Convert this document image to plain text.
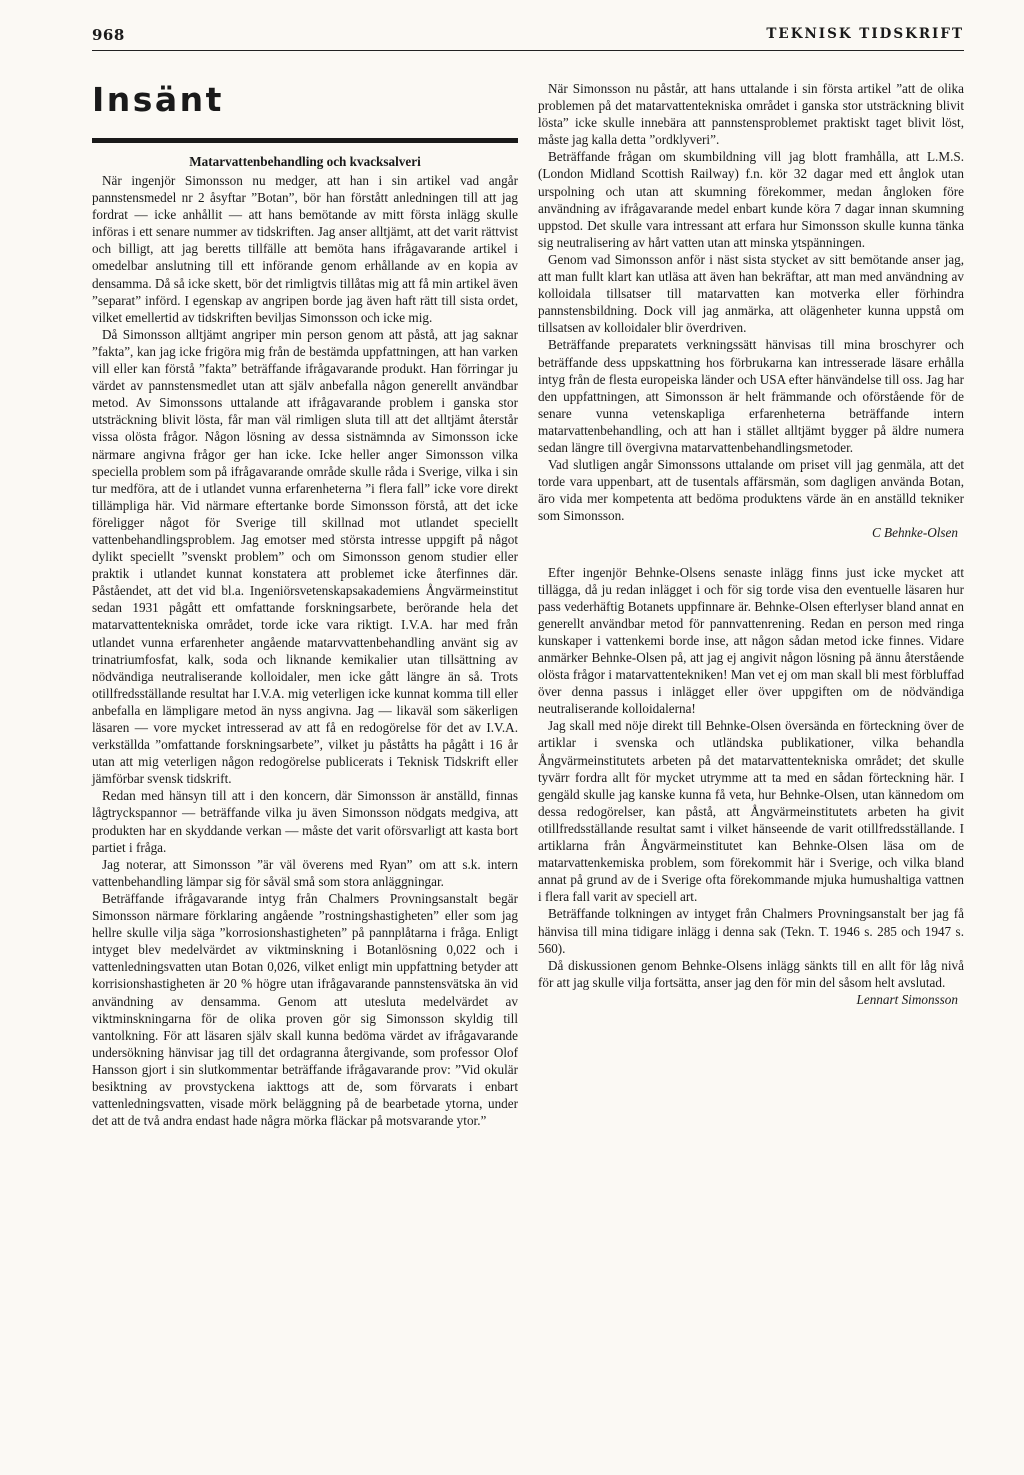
968	TEKNISK TIDSKRIFT
Insänt
Matarvattenbehandling och kvacksalveri

När ingenjör Simonsson nu medger, att han i sin artikel vad angår pannstensmedel nr 2 åsyftar ”Botan”, bör han förstått anledningen till att jag fordrat — icke anhållit — att hans bemötande av mitt första inlägg skulle införas i ett senare nummer av tidskriften. Jag anser alltjämt, att det varit rättvist och billigt, att jag beretts tillfälle att bemöta hans ifrågavarande artikel i omedelbar anslutning till ett införande genom erhållande av en kopia av densamma. Då så icke skett, bör det rimligtvis tillåtas mig att få min artikel även ”separat” införd. I egenskap av angripen borde jag även haft rätt till sista ordet, vilket emellertid av tidskriften beviljas Simonsson och icke mig.

Då Simonsson alltjämt angriper min person genom att påstå, att jag saknar ”fakta”, kan jag icke frigöra mig från de bestämda uppfattningen, att han varken vill eller kan förstå ”fakta” beträffande ifrågavarande produkt. Han förringar ju värdet av pannstensmedlet utan att själv anbefalla någon generellt användbar metod. Av Simonssons uttalande att ifrågavarande problem i ganska stor utsträckning blivit lösta, får man väl rimligen sluta till att det alltjämt återstår vissa olösta frågor. Någon lösning av dessa sistnämnda av Simonsson icke närmare angivna frågor ger han icke. Icke heller anger Simonsson vilka speciella problem som på ifrågavarande område skulle råda i Sverige, vilka i sin tur medföra, att de i utlandet vunna erfarenheterna ”i flera fall” icke vore direkt tillämpliga här. Vid närmare eftertanke borde Simonsson förstå, att det icke föreligger något för Sverige till skillnad mot utlandet speciellt vattenbehandlingsproblem. Jag emotser med största intresse uppgift på något dylikt speciellt ”svenskt problem” och om Simonsson genom studier eller praktik i utlandet kunnat konstatera att problemet icke återfinnes där. Påståendet, att det vid bl.a. Ingeniörsvetenskapsakademiens Ångvärmeinstitut sedan 1931 pågått ett omfattande forskningsarbete, berörande hela det matarvattentekniska området, torde icke vara riktigt. I.V.A. har med från utlandet vunna erfarenheter angående matarvvattenbehandling använt sig av trinatriumfosfat, kalk, soda och liknande kemikalier utan tillsättning av nödvändiga neutraliserande kolloidaler, men icke gått längre än så. Trots otillfredsställande resultat har I.V.A. mig veterligen icke kunnat komma till eller anbefalla en lämpligare metod än nyss angivna. Jag — likaväl som säkerligen läsaren — vore mycket intresserad av att få en redogörelse för det av I.V.A. verkställda ”omfattande forskningsarbete”, vilket ju påståtts ha pågått i 16 år utan att mig veterligen någon redogörelse publicerats i Teknisk Tidskrift eller jämförbar svensk tidskrift.

Redan med hänsyn till att i den koncern, där Simonsson är anställd, finnas lågtryckspannor — beträffande vilka ju även Simonsson nödgats medgiva, att produkten har en skyddande verkan — måste det varit oförsvarligt att kasta bort partiet i fråga.

Jag noterar, att Simonsson ”är väl överens med Ryan” om att s.k. intern vattenbehandling lämpar sig för såväl små som stora anläggningar.

Beträffande ifrågavarande intyg från Chalmers Provningsanstalt begär Simonsson närmare förklaring angående ”rostningshastigheten” eller som jag hellre skulle vilja säga ”korrosionshastigheten” på pannplåtarna i fråga. Enligt intyget blev medelvärdet av viktminskning i Botanlösning 0,022 och i vattenledningsvatten utan Botan 0,026, vilket enligt min uppfattning betyder att korrisionshastigheten är 20 % högre utan ifrågavarande pannstensvätska än vid användning av densamma. Genom att utesluta medelvärdet av viktminskningarna för de olika proven gör sig Simonsson skyldig till vantolkning. För att läsaren själv skall kunna bedöma värdet av ifrågavarande undersökning hänvisar jag till det ordagranna återgivande, som professor Olof Hansson gjort i sin slutkommentar beträffande ifrågavarande prov: ”Vid okulär besiktning av provstyckena iakttogs att de, som förvarats i enbart vattenledningsvatten, visade mörk beläggning på de bearbetade ytorna, under det att de två andra endast hade några mörka fläckar på motsvarande ytor.”

När Simonsson nu påstår, att hans uttalande i sin första artikel ”att de olika problemen på det matarvattentekniska området i ganska stor utsträckning blivit lösta” icke skulle innebära att pannstensproblemet praktiskt taget blivit löst, måste jag kalla detta ”ordklyveri”.

Beträffande frågan om skumbildning vill jag blott framhålla, att L.M.S. (London Midland Scottish Railway) f.n. kör 32 dagar med ett ånglok utan urspolning och utan att skumning förekommer, medan ångloken före användning av ifrågavarande medel enbart kunde köra 7 dagar innan skumning uppstod. Det skulle vara intressant att erfara hur Simonsson skulle kunna tänka sig neutralisering av hårt vatten utan att minska ytspänningen.

Genom vad Simonsson anför i näst sista stycket av sitt bemötande anser jag, att man fullt klart kan utläsa att även han bekräftar, att man med användning av kolloidala tillsatser till matarvatten kan motverka eller förhindra pannstensbildning. Dock vill jag anmärka, att olägenheter kunna uppstå om tillsatsen av kolloidaler blir överdriven.

Beträffande preparatets verkningssätt hänvisas till mina broschyrer och beträffande dess uppskattning hos förbrukarna kan intresserade läsare erhålla intyg från de flesta europeiska länder och USA efter hänvändelse till oss. Jag har den uppfattningen, att Simonsson är helt främmande och oförstående för de senare vunna vetenskapliga erfarenheterna beträffande intern matarvattenbehandling, och att han i stället alltjämt bygger på äldre numera sedan längre till övergivna matarvattenbehandlingsmetoder.

Vad slutligen angår Simonssons uttalande om priset vill jag genmäla, att det torde vara uppenbart, att de tusentals affärsmän, som dagligen använda Botan, äro vida mer kompetenta att bedöma produktens värde än en anställd tekniker som Simonsson.

C Behnke-Olsen

Efter ingenjör Behnke-Olsens senaste inlägg finns just icke mycket att tillägga, då ju redan inlägget i och för sig torde visa den eventuelle läsaren hur pass vederhäftig Botanets uppfinnare är. Behnke-Olsen efterlyser bland annat en generellt användbar metod för pannvattenrening. Redan en person med ringa kunskaper i vattenkemi borde inse, att någon sådan metod icke finnes. Vidare anmärker Behnke-Olsen på, att jag ej angivit någon lösning på ännu återstående olösta frågor i matarvattentekniken! Man vet ej om man skall bli mest förbluffad över denna passus i inlägget eller över uppgiften om de nödvändiga neutraliserande kolloidalerna!

Jag skall med nöje direkt till Behnke-Olsen översända en förteckning över de artiklar i svenska och utländska publikationer, vilka behandla Ångvärmeinstitutets arbeten på det matarvattentekniska området; det skulle tyvärr fordra allt för mycket utrymme att ta med en sådan förteckning här. I gengäld skulle jag kanske kunna få veta, hur Behnke-Olsen, utan kännedom om dessa redogörelser, kan påstå, att Ångvärmeinstitutets arbeten ha givit otillfredsställande resultat samt i vilket hänseende de varit otillfredsställande. I artiklarna från Ångvärmeinstitutet kan Behnke-Olsen läsa om de matarvattenkemiska problem, som förekommit här i Sverige, och vilka bland annat på grund av de i Sverige ofta förekommande mjuka humushaltiga vattnen i flera fall varit av speciell art.

Beträffande tolkningen av intyget från Chalmers Provningsanstalt ber jag få hänvisa till mina tidigare inlägg i denna sak (Tekn. T. 1946 s. 285 och 1947 s. 560).

Då diskussionen genom Behnke-Olsens inlägg sänkts till en allt för låg nivå för att jag skulle vilja fortsätta, anser jag den för min del såsom helt avslutad.

Lennart Simonsson
